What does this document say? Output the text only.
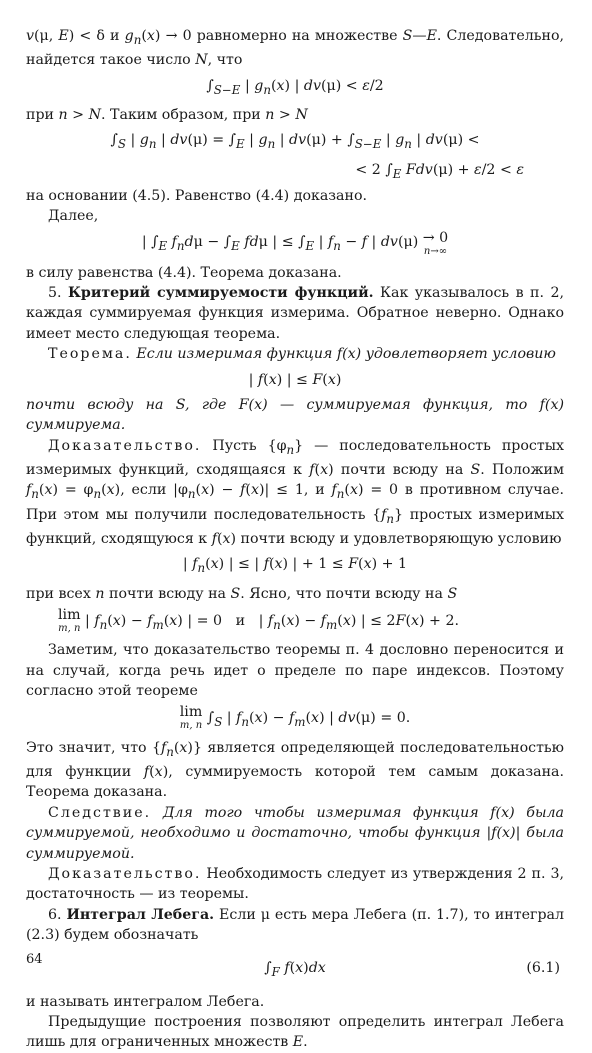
v(μ, E) < δ и $g_n(x) \to 0$ равномерно на множестве S—E. Следовательно, найдется такое число N, что

$\int_{S-E}$ | $g_n(x)$ | dv(μ) < ε/2

при n > N. Таким образом, при n > N

$\int_S$ | $g_n$ | $dv(\mu) = \int_E$ | $g_n$ | $dv(\mu) + \int_{S-E}$ | $g_n$ | dv(μ) <
< 2 $\int_E$ Fdv(μ) + ε/2 < ε

на основании (4.5). Равенство (4.4) доказано.

Далее,

| $\int_E$ $f_nd\mu - \int_E$ fdμ | ≤ $\int_E$ | $f_n - f$ | dv(μ) → 0
n→∞

в силу равенства (4.4). Теорема доказана.

5. Критерий суммируемости функций. Как указывалось в п. 2, каждая суммируемая функция измерима. Обратное неверно. Однако имеет место следующая теорема.

Теорема. Если измеримая функция f(x) удовлетворяет условию

| f(x) | ≤ F(x)

почти всюду на S, где F(x) — суммируемая функция, то f(x) суммируема.

Доказательство. Пусть $\{\varphi_n\}$ — последовательность простых измеримых функций, сходящаяся к f(x) почти всюду на S. Положим $f_n(x) = \varphi_n(x)$, если $|\varphi_n(x) - f(x)| \le 1$, и $f_n(x) = 0$ в противном случае. При этом мы получили последовательность $\{f_n\}$ простых измеримых функций, сходящуюся к f(x) почти всюду и удовлетворяющую условию

| $f_n(x)$ | ≤ | f(x) | + 1 ≤ F(x) + 1

при всех n почти всюду на S. Ясно, что почти всюду на S

lim
m, n | $f_n(x) - f_m(x)$ | = 0   и   | $f_n(x) - f_m(x)$ | ≤ 2F(x) + 2.

Заметим, что доказательство теоремы п. 4 дословно переносится и на случай, когда речь идет о пределе по паре индексов. Поэтому согласно этой теореме

lim
m, n $\int_S$ | $f_n(x) - f_m(x)$ | dv(μ) = 0.

Это значит, что $\{f_n(x)\}$ является определяющей последовательностью для функции f(x), суммируемость которой тем самым доказана. Теорема доказана.

Следствие. Для того чтобы измеримая функция f(x) была суммируемой, необходимо и достаточно, чтобы функция |f(x)| была суммируемой.

Доказательство. Необходимость следует из утверждения 2 п. 3, достаточность — из теоремы.

6. Интеграл Лебега. Если μ есть мера Лебега (п. 1.7), то интеграл (2.3) будем обозначать

$\int_F$ f(x)dx	(6.1)

и называть интегралом Лебега.

Предыдущие построения позволяют определить интеграл Лебега лишь для ограниченных множеств E.

64
